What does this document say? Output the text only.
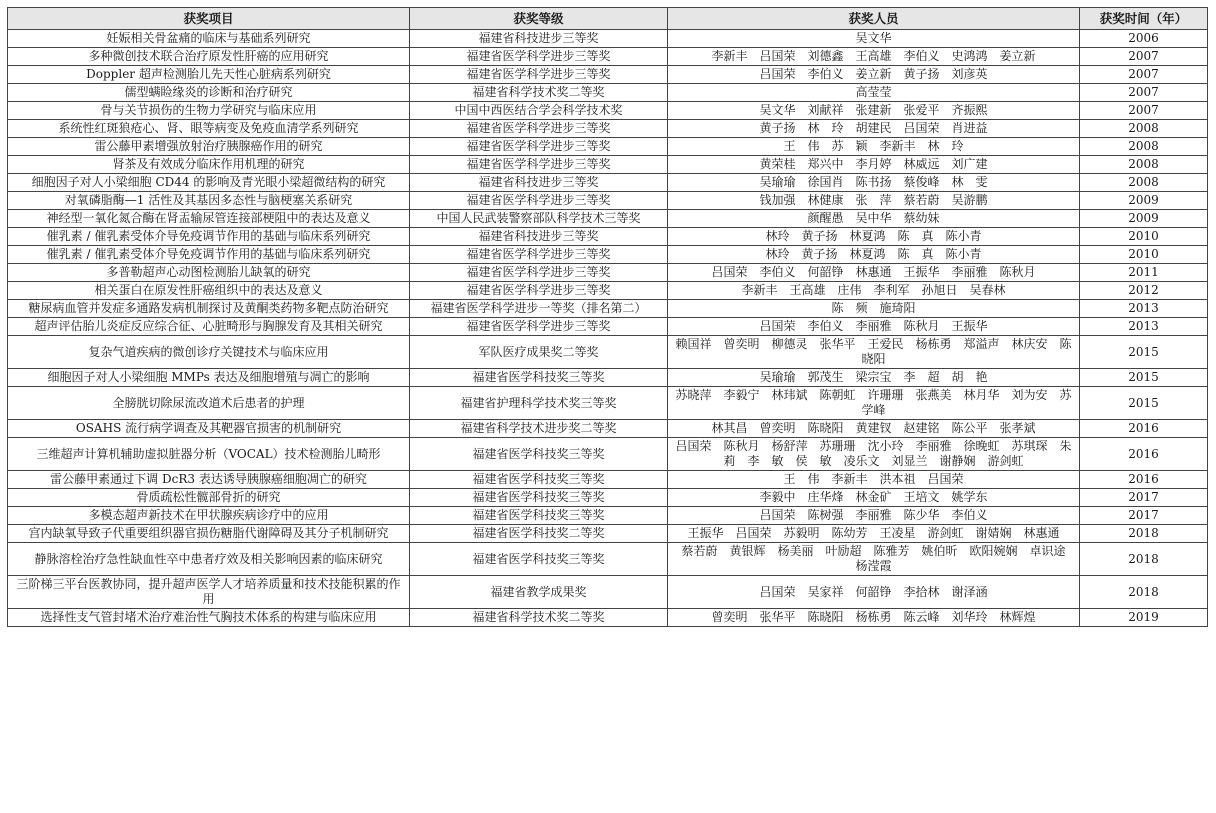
获奖项目	获奖等级	获奖人员	获奖时间（年）
妊娠相关骨盆痛的临床与基础系列研究	福建省科技进步三等奖	吴文华	2006
多种微创技术联合治疗原发性肝癌的应用研究	福建省医学科学进步三等奖	李新丰　吕国荣　刘德鑫　王高雄　李伯义　史鸿鸿　姜立新	2007
Doppler 超声检测胎儿先天性心脏病系列研究	福建省医学科学进步三等奖	吕国荣　李伯义　姜立新　黄子扬　刘彦英	2007
儒型螨睑缘炎的诊断和治疗研究	福建省科学技术奖二等奖	高莹莹	2007
骨与关节损伤的生物力学研究与临床应用	中国中西医结合学会科学技术奖	吴文华　刘献祥　张建新　张爱平　齐振熙	2007
系统性红斑狼疮心、肾、眼等病变及免疫血清学系列研究	福建省医学科学进步三等奖	黄子扬　林　玲　胡建民　吕国荣　肖进益	2008
雷公藤甲素增强放射治疗胰腺癌作用的研究	福建省医学科学进步三等奖	王　伟　苏　颖　李新丰　林　玲	2008
肾茶及有效成分临床作用机理的研究	福建省医学科学进步三等奖	黄荣桂　郑兴中　李月婷　林威远　刘广建	2008
细胞因子对人小梁细胞 CD44 的影响及青光眼小梁超微结构的研究	福建省科技进步三等奖	吴瑜瑜　徐国肖　陈书扬　蔡俊峰　林　雯	2008
对氧磷脂酶—1 活性及其基因多态性与脑梗塞关系研究	福建省医学科学进步三等奖	钱加强　林健康　张　萍　蔡若蔚　吴游鹏	2009
神经型一氧化氮合酶在肾盂输尿管连接部梗阻中的表达及意义	中国人民武装警察部队科学技术三等奖	颜醒愚　吴中华　蔡幼妹	2009
催乳素 / 催乳素受体介导免疫调节作用的基础与临床系列研究	福建省科技进步三等奖	林玲　黄子扬　林夏鸿　陈　真　陈小青	2010
催乳素 / 催乳素受体介导免疫调节作用的基础与临床系列研究	福建省医学科学进步三等奖	林玲　黄子扬　林夏鸿　陈　真　陈小青	2010
多普勒超声心动图检测胎儿缺氧的研究	福建省医学科学进步三等奖	吕国荣　李伯义　何韶铮　林惠通　王振华　李丽雅　陈秋月	2011
相关蛋白在原发性肝癌组织中的表达及意义	福建省医学科学进步三等奖	李新丰　王高雄　庄伟　李利军　孙旭日　吴春林	2012
糖尿病血管并发症多通路发病机制探讨及黄酮类药物多靶点防治研究	福建省医学科学进步一等奖（排名第二）	陈　频　施琦阳	2013
超声评估胎儿炎症反应综合征、心脏畸形与胸腺发育及其相关研究	福建省医学科学进步三等奖	吕国荣　李伯义　李丽雅　陈秋月　王振华	2013
复杂气道疾病的微创诊疗关键技术与临床应用	军队医疗成果奖二等奖	赖国祥　曾奕明　柳德灵　张华平　王爱民　杨栋勇　郑溢声　林庆安　陈晓阳	2015
细胞因子对人小梁细胞 MMPs 表达及细胞增殖与凋亡的影响	福建省医学科技奖三等奖	吴瑜瑜　郭茂生　梁宗宝　李　超　胡　艳	2015
全膀胱切除尿流改道术后患者的护理	福建省护理科学技术奖三等奖	苏晓萍　李毅宁　林玮斌　陈朝虹　许珊珊　张燕美　林月华　刘为安　苏学峰	2015
OSAHS 流行病学调查及其靶器官损害的机制研究	福建省科学技术进步奖二等奖	林其昌　曾奕明　陈晓阳　黄建钗　赵建铭　陈公平　张孝斌	2016
三维超声计算机辅助虚拟脏器分析（VOCAL）技术检测胎儿畸形	福建省医学科技奖三等奖	吕国荣　陈秋月　杨舒萍　苏珊珊　沈小玲　李丽雅　徐晚虹　苏琪琛　朱　莉　李　敏　侯　敏　凌乐文　刘显兰　谢静娴　游剑虹	2016
雷公藤甲素通过下调 DcR3 表达诱导胰腺癌细胞凋亡的研究	福建省医学科技奖三等奖	王　伟　李新丰　洪本祖　吕国荣	2016
骨质疏松性髋部骨折的研究	福建省医学科技奖三等奖	李毅中　庄华烽　林金矿　王培文　姚学东	2017
多模态超声新技术在甲状腺疾病诊疗中的应用	福建省医学科技奖三等奖	吕国荣　陈树强　李丽雅　陈少华　李伯义	2017
宫内缺氧导致子代重要组织器官损伤糖脂代谢障碍及其分子机制研究	福建省医学科技奖二等奖	王振华　吕国荣　苏毅明　陈幼芳　王凌星　游剑虹　谢婧娴　林惠通	2018
静脉溶栓治疗急性缺血性卒中患者疗效及相关影响因素的临床研究	福建省医学科技奖三等奖	蔡若蔚　黄银辉　杨美丽　叶励超　陈雅芳　姚伯昕　欧阳婉娴　卓识途　杨滢霞	2018
三阶梯三平台医教协同，提升超声医学人才培养质量和技术技能积累的作用	福建省教学成果奖	吕国荣　吴家祥　何韶铮　李拾林　谢泽涵	2018
选择性支气管封堵术治疗难治性气胸技术体系的构建与临床应用	福建省科学技术奖二等奖	曾奕明　张华平　陈晓阳　杨栋勇　陈云峰　刘华玲　林辉煌	2019
